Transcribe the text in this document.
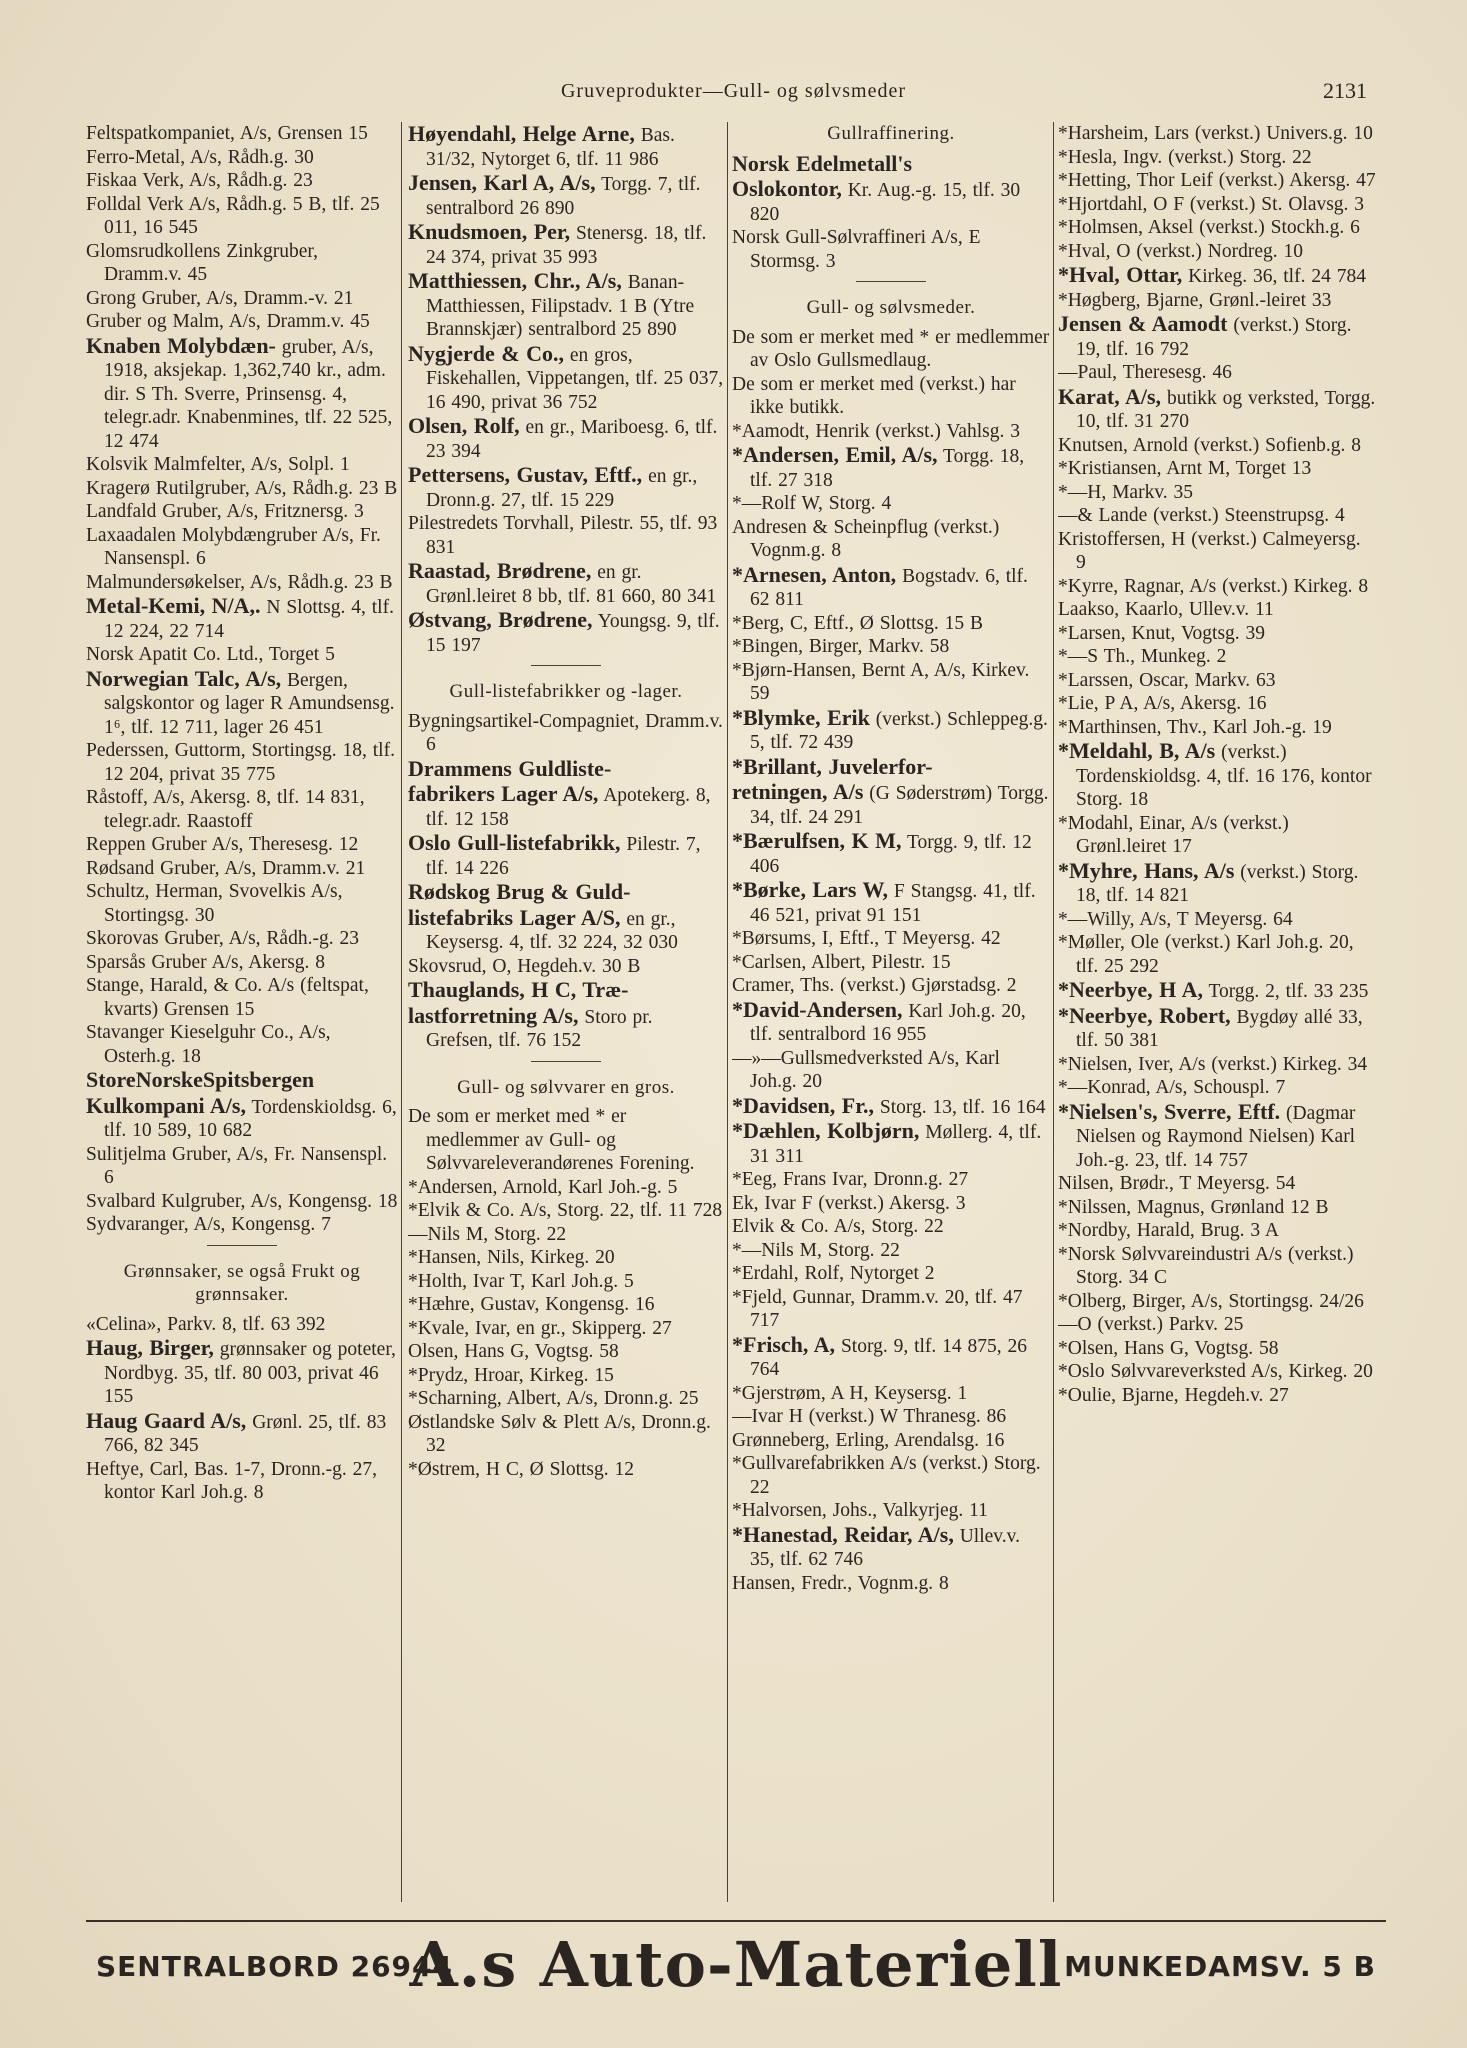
Gruveprodukter—Gull- og sølvsmeder	2131
Feltspatkompaniet, A/s, Grensen 15
Ferro-Metal, A/s, Rådh.g. 30
Fiskaa Verk, A/s, Rådh.g. 23
Folldal Verk A/s, Rådh.g. 5 B, tlf. 25 011, 16 545
Glomsrudkollens Zinkgruber, Dramm.v. 45
Grong Gruber, A/s, Dramm.-v. 21
Gruber og Malm, A/s, Dramm.v. 45
Knaben Molybdæn- gruber, A/s, 1918, aksjekap. 1,362,740 kr., adm. dir. S Th. Sverre, Prinsensg. 4, telegr.adr. Knabenmines, tlf. 22 525, 12 474
Kolsvik Malmfelter, A/s, Solpl. 1
Kragerø Rutilgruber, A/s, Rådh.g. 23 B
Landfald Gruber, A/s, Fritznersg. 3
Laxaadalen Molybdængruber A/s, Fr. Nansenspl. 6
Malmundersøkelser, A/s, Rådh.g. 23 B
Metal-Kemi, N/A,. N Slottsg. 4, tlf. 12 224, 22 714
Norsk Apatit Co. Ltd., Torget 5
Norwegian Talc, A/s, Bergen, salgskontor og lager R Amundsensg. 1⁶, tlf. 12 711, lager 26 451
Pederssen, Guttorm, Stortingsg. 18, tlf. 12 204, privat 35 775
Råstoff, A/s, Akersg. 8, tlf. 14 831, telegr.adr. Raastoff
Reppen Gruber A/s, Theresesg. 12
Rødsand Gruber, A/s, Dramm.v. 21
Schultz, Herman, Svovelkis A/s, Stortingsg. 30
Skorovas Gruber, A/s, Rådh.-g. 23
Sparsås Gruber A/s, Akersg. 8
Stange, Harald, & Co. A/s (feltspat, kvarts) Grensen 15
Stavanger Kieselguhr Co., A/s, Osterh.g. 18
StoreNorskeSpitsbergen
Kulkompani A/s, Tordenskioldsg. 6, tlf. 10 589, 10 682
Sulitjelma Gruber, A/s, Fr. Nansenspl. 6
Svalbard Kulgruber, A/s, Kongensg. 18
Sydvaranger, A/s, Kongensg. 7
Grønnsaker, se også Frukt og grønnsaker.
«Celina», Parkv. 8, tlf. 63 392
Haug, Birger, grønnsaker og poteter, Nordbyg. 35, tlf. 80 003, privat 46 155
Haug Gaard A/s, Grønl. 25, tlf. 83 766, 82 345
Heftye, Carl, Bas. 1-7, Dronn.-g. 27, kontor Karl Joh.g. 8
Høyendahl, Helge Arne, Bas. 31/32, Nytorget 6, tlf. 11 986
Jensen, Karl A, A/s, Torgg. 7, tlf. sentralbord 26 890
Knudsmoen, Per, Stenersg. 18, tlf. 24 374, privat 35 993
Matthiessen, Chr., A/s, Banan-Matthiessen, Filipstadv. 1 B (Ytre Brannskjær) sentralbord 25 890
Nygjerde & Co., en gros, Fiskehallen, Vippetangen, tlf. 25 037, 16 490, privat 36 752
Olsen, Rolf, en gr., Mariboesg. 6, tlf. 23 394
Pettersens, Gustav, Eftf., en gr., Dronn.g. 27, tlf. 15 229
Pilestredets Torvhall, Pilestr. 55, tlf. 93 831
Raastad, Brødrene, en gr. Grønl.leiret 8 bb, tlf. 81 660, 80 341
Østvang, Brødrene, Youngsg. 9, tlf. 15 197
Gull-listefabrikker og -lager.
Bygningsartikel-Compagniet, Dramm.v. 6
Drammens Guldliste-
fabrikers Lager A/s, Apotekerg. 8, tlf. 12 158
Oslo Gull-listefabrikk, Pilestr. 7, tlf. 14 226
Rødskog Brug & Guld-
listefabriks Lager A/S, en gr., Keysersg. 4, tlf. 32 224, 32 030
Skovsrud, O, Hegdeh.v. 30 B
Thauglands, H C, Træ-
lastforretning A/s, Storo pr. Grefsen, tlf. 76 152
Gull- og sølvvarer en gros.
De som er merket med * er medlemmer av Gull- og Sølvvareleverandørenes Forening.
*Andersen, Arnold, Karl Joh.-g. 5
*Elvik & Co. A/s, Storg. 22, tlf. 11 728
—Nils M, Storg. 22
*Hansen, Nils, Kirkeg. 20
*Holth, Ivar T, Karl Joh.g. 5
*Hæhre, Gustav, Kongensg. 16
*Kvale, Ivar, en gr., Skipperg. 27
Olsen, Hans G, Vogtsg. 58
*Prydz, Hroar, Kirkeg. 15
*Scharning, Albert, A/s, Dronn.g. 25
Østlandske Sølv & Plett A/s, Dronn.g. 32
*Østrem, H C, Ø Slottsg. 12
Gullraffinering.
Norsk Edelmetall's
Oslokontor, Kr. Aug.-g. 15, tlf. 30 820
Norsk Gull-Sølvraffineri A/s, E Stormsg. 3
Gull- og sølvsmeder.
De som er merket med * er medlemmer av Oslo Gullsmedlaug.
De som er merket med (verkst.) har ikke butikk.
*Aamodt, Henrik (verkst.) Vahlsg. 3
*Andersen, Emil, A/s, Torgg. 18, tlf. 27 318
*—Rolf W, Storg. 4
Andresen & Scheinpflug (verkst.) Vognm.g. 8
*Arnesen, Anton, Bogstadv. 6, tlf. 62 811
*Berg, C, Eftf., Ø Slottsg. 15 B
*Bingen, Birger, Markv. 58
*Bjørn-Hansen, Bernt A, A/s, Kirkev. 59
*Blymke, Erik (verkst.) Schleppeg.g. 5, tlf. 72 439
*Brillant, Juvelerfor-
retningen, A/s (G Søderstrøm) Torgg. 34, tlf. 24 291
*Bærulfsen, K M, Torgg. 9, tlf. 12 406
*Børke, Lars W, F Stangsg. 41, tlf. 46 521, privat 91 151
*Børsums, I, Eftf., T Meyersg. 42
*Carlsen, Albert, Pilestr. 15
Cramer, Ths. (verkst.) Gjørstadsg. 2
*David-Andersen, Karl Joh.g. 20, tlf. sentralbord 16 955
—»—Gullsmedverksted A/s, Karl Joh.g. 20
*Davidsen, Fr., Storg. 13, tlf. 16 164
*Dæhlen, Kolbjørn, Møllerg. 4, tlf. 31 311
*Eeg, Frans Ivar, Dronn.g. 27
Ek, Ivar F (verkst.) Akersg. 3
Elvik & Co. A/s, Storg. 22
*—Nils M, Storg. 22
*Erdahl, Rolf, Nytorget 2
*Fjeld, Gunnar, Dramm.v. 20, tlf. 47 717
*Frisch, A, Storg. 9, tlf. 14 875, 26 764
*Gjerstrøm, A H, Keysersg. 1
—Ivar H (verkst.) W Thranesg. 86
Grønneberg, Erling, Arendalsg. 16
*Gullvarefabrikken A/s (verkst.) Storg. 22
*Halvorsen, Johs., Valkyrjeg. 11
*Hanestad, Reidar, A/s, Ullev.v. 35, tlf. 62 746
Hansen, Fredr., Vognm.g. 8
*Harsheim, Lars (verkst.) Univers.g. 10
*Hesla, Ingv. (verkst.) Storg. 22
*Hetting, Thor Leif (verkst.) Akersg. 47
*Hjortdahl, O F (verkst.) St. Olavsg. 3
*Holmsen, Aksel (verkst.) Stockh.g. 6
*Hval, O (verkst.) Nordreg. 10
*Hval, Ottar, Kirkeg. 36, tlf. 24 784
*Høgberg, Bjarne, Grønl.-leiret 33
Jensen & Aamodt (verkst.) Storg. 19, tlf. 16 792
—Paul, Theresesg. 46
Karat, A/s, butikk og verksted, Torgg. 10, tlf. 31 270
Knutsen, Arnold (verkst.) Sofienb.g. 8
*Kristiansen, Arnt M, Torget 13
*—H, Markv. 35
—& Lande (verkst.) Steenstrupsg. 4
Kristoffersen, H (verkst.) Calmeyersg. 9
*Kyrre, Ragnar, A/s (verkst.) Kirkeg. 8
Laakso, Kaarlo, Ullev.v. 11
*Larsen, Knut, Vogtsg. 39
*—S Th., Munkeg. 2
*Larssen, Oscar, Markv. 63
*Lie, P A, A/s, Akersg. 16
*Marthinsen, Thv., Karl Joh.-g. 19
*Meldahl, B, A/s (verkst.) Tordenskioldsg. 4, tlf. 16 176, kontor Storg. 18
*Modahl, Einar, A/s (verkst.) Grønl.leiret 17
*Myhre, Hans, A/s (verkst.) Storg. 18, tlf. 14 821
*—Willy, A/s, T Meyersg. 64
*Møller, Ole (verkst.) Karl Joh.g. 20, tlf. 25 292
*Neerbye, H A, Torgg. 2, tlf. 33 235
*Neerbye, Robert, Bygdøy allé 33, tlf. 50 381
*Nielsen, Iver, A/s (verkst.) Kirkeg. 34
*—Konrad, A/s, Schouspl. 7
*Nielsen's, Sverre, Eftf. (Dagmar Nielsen og Raymond Nielsen) Karl Joh.-g. 23, tlf. 14 757
Nilsen, Brødr., T Meyersg. 54
*Nilssen, Magnus, Grønland 12 B
*Nordby, Harald, Brug. 3 A
*Norsk Sølvvareindustri A/s (verkst.) Storg. 34 C
*Olberg, Birger, A/s, Stortingsg. 24/26
—O (verkst.) Parkv. 25
*Olsen, Hans G, Vogtsg. 58
*Oslo Sølvvareverksted A/s, Kirkeg. 20
*Oulie, Bjarne, Hegdeh.v. 27
SENTRALBORD 26944
A.s Auto-Materiell MUNKEDAMSV. 5 B
